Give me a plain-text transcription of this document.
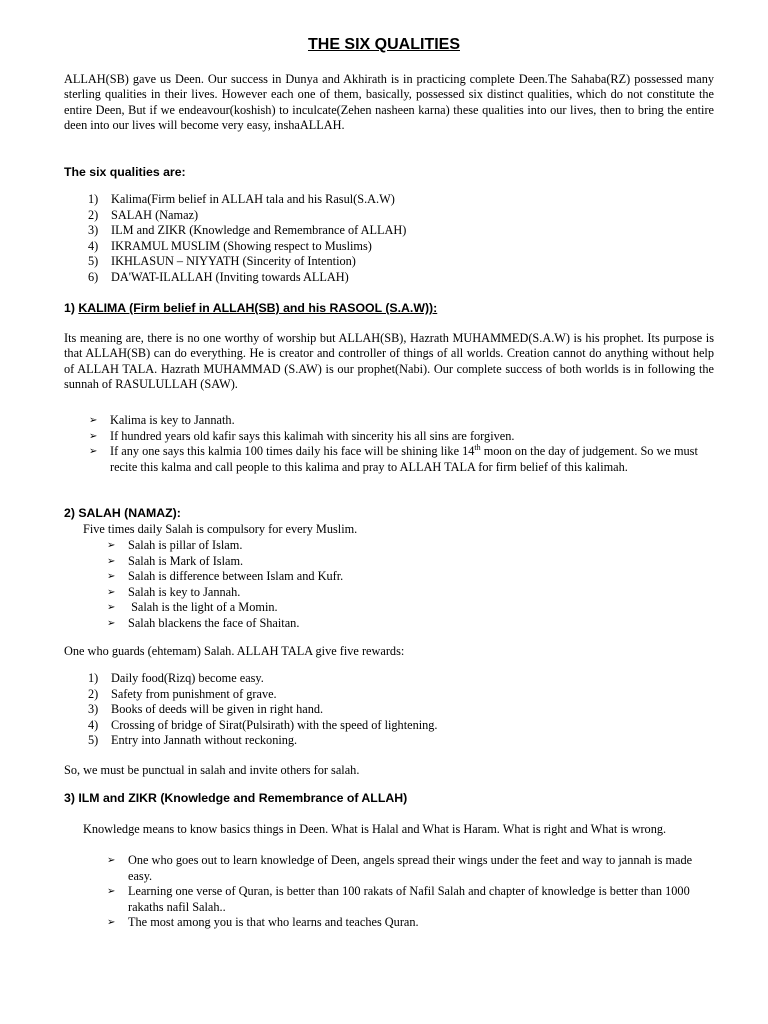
THE SIX QUALITIES
ALLAH(SB) gave us Deen. Our success in Dunya and Akhirath is in practicing complete Deen.The Sahaba(RZ) possessed many sterling qualities in their lives. However each one of them, basically, possessed six distinct qualities, which do not constitute the entire Deen, But if we endeavour(koshish) to inculcate(Zehen nasheen karna) these qualities into our lives, then to bring the entire deen into our lives will become very easy, inshaALLAH.
The six qualities are:
1)	Kalima(Firm belief in ALLAH tala and his Rasul(S.A.W)
2)	SALAH (Namaz)
3)	ILM and ZIKR (Knowledge and Remembrance of ALLAH)
4)	IKRAMUL MUSLIM (Showing respect to Muslims)
5)	IKHLASUN – NIYYATH (Sincerity of Intention)
6)	DA'WAT-ILALLAH (Inviting towards ALLAH)
1) KALIMA (Firm belief in ALLAH(SB) and his RASOOL (S.A.W)):
Its meaning are, there is no one worthy of worship but ALLAH(SB), Hazrath MUHAMMED(S.A.W) is his prophet. Its purpose is that ALLAH(SB) can do everything. He is creator and controller of things of all worlds. Creation cannot do anything without help of ALLAH TALA. Hazrath MUHAMMAD (S.AW) is our prophet(Nabi). Our complete success of both worlds is in following the sunnah of RASULULLAH (SAW).
➢ Kalima is key to Jannath.
➢ If hundred years old kafir says this kalimah with sincerity his all sins are forgiven.
➢ If any one says this kalmia 100 times daily his face will be shining like 14th moon on the day of judgement. So we must recite this kalma and call people to this kalima and pray to ALLAH TALA for firm belief of this kalimah.
2) SALAH (NAMAZ):
Five times daily Salah is compulsory for every Muslim.
➢ Salah is pillar of Islam.
➢ Salah is Mark of Islam.
➢ Salah is difference between Islam and Kufr.
➢ Salah is key to Jannah.
➢ Salah is the light of a Momin.
➢ Salah blackens the face of Shaitan.
One who guards (ehtemam) Salah. ALLAH TALA give five rewards:
1)	Daily food(Rizq) become easy.
2)	Safety from punishment of grave.
3)	Books of deeds will be given in right hand.
4)	Crossing of bridge of Sirat(Pulsirath) with the speed of lightening.
5)	Entry into Jannath without reckoning.
So, we must be punctual in salah and invite others for salah.
3) ILM and ZIKR (Knowledge and Remembrance of ALLAH)
Knowledge means to know basics things in Deen. What is Halal and What is Haram. What is right and What is wrong.
➢ One who goes out to learn knowledge of Deen, angels spread their wings under the feet and way to jannah is made easy.
➢ Learning one verse of Quran, is better than 100 rakats of Nafil Salah and chapter of knowledge is better than 1000 rakaths nafil Salah..
➢ The most among you is that who learns and teaches Quran.
